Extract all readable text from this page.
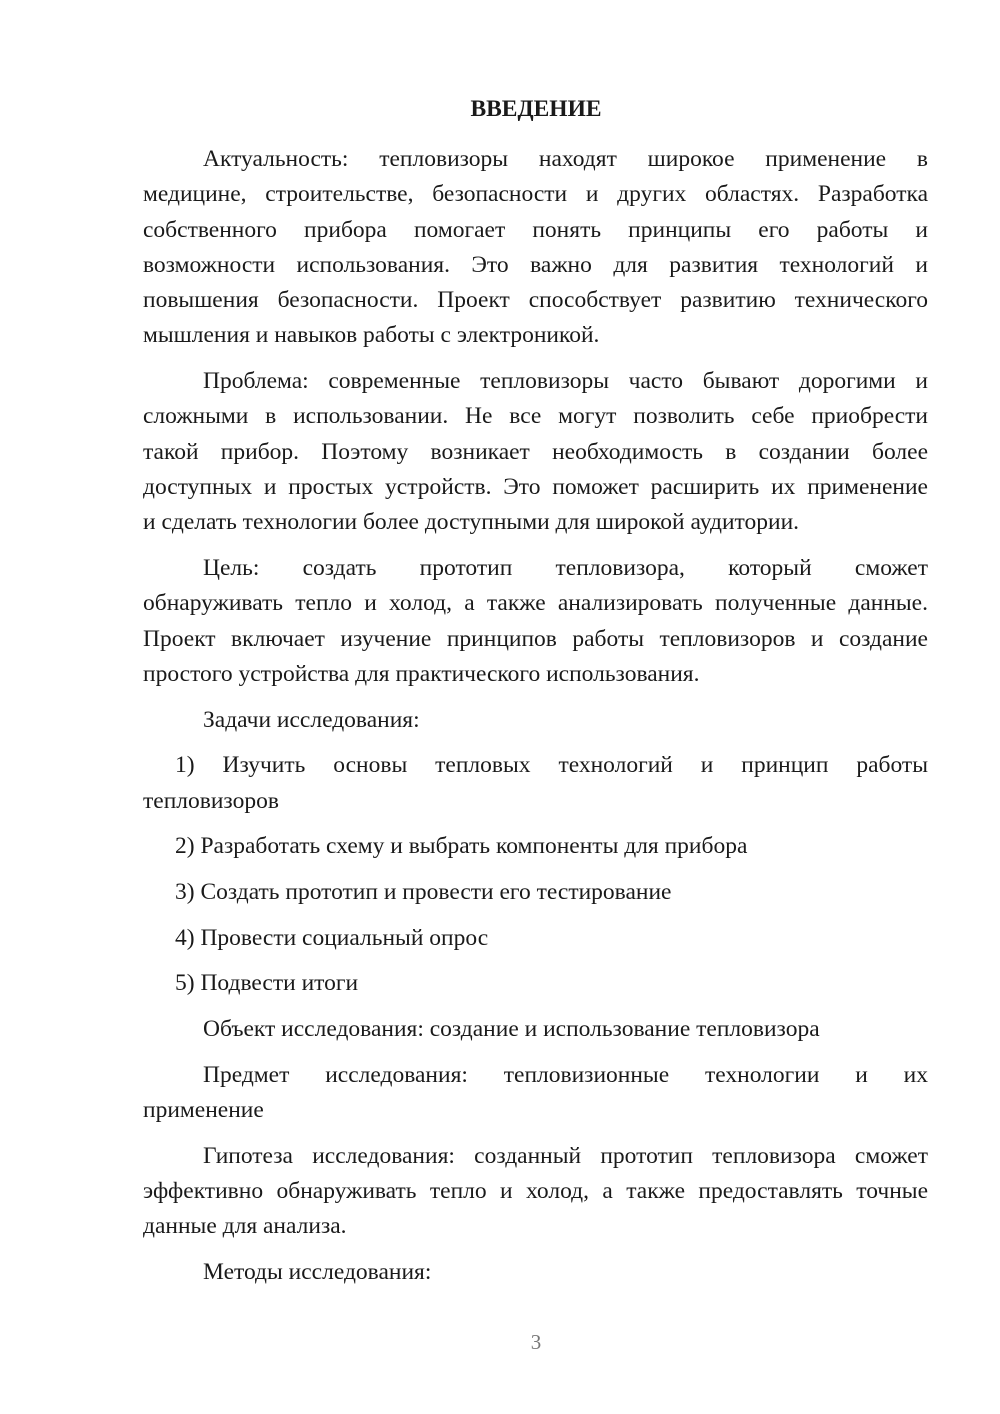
ВВЕДЕНИЕ
Актуальность: тепловизоры находят широкое применение в
медицине, строительстве, безопасности и других областях. Разработка
собственного прибора помогает понять принципы его работы и
возможности использования. Это важно для развития технологий и
повышения безопасности. Проект способствует развитию технического
мышления и навыков работы с электроникой.
Проблема: современные тепловизоры часто бывают дорогими и
сложными в использовании. Не все могут позволить себе приобрести
такой прибор. Поэтому возникает необходимость в создании более
доступных и простых устройств. Это поможет расширить их применение
и сделать технологии более доступными для широкой аудитории.
Цель: создать прототип тепловизора, который сможет
обнаруживать тепло и холод, а также анализировать полученные данные.
Проект включает изучение принципов работы тепловизоров и создание
простого устройства для практического использования.
Задачи исследования:
1) Изучить основы тепловых технологий и принцип работы
тепловизоров
2) Разработать схему и выбрать компоненты для прибора
3) Создать прототип и провести его тестирование
4) Провести социальный опрос
5) Подвести итоги
Объект исследования: создание и использование тепловизора
Предмет исследования: тепловизионные технологии и их
применение
Гипотеза исследования: созданный прототип тепловизора сможет
эффективно обнаруживать тепло и холод, а также предоставлять точные
данные для анализа.
Методы исследования:
3
